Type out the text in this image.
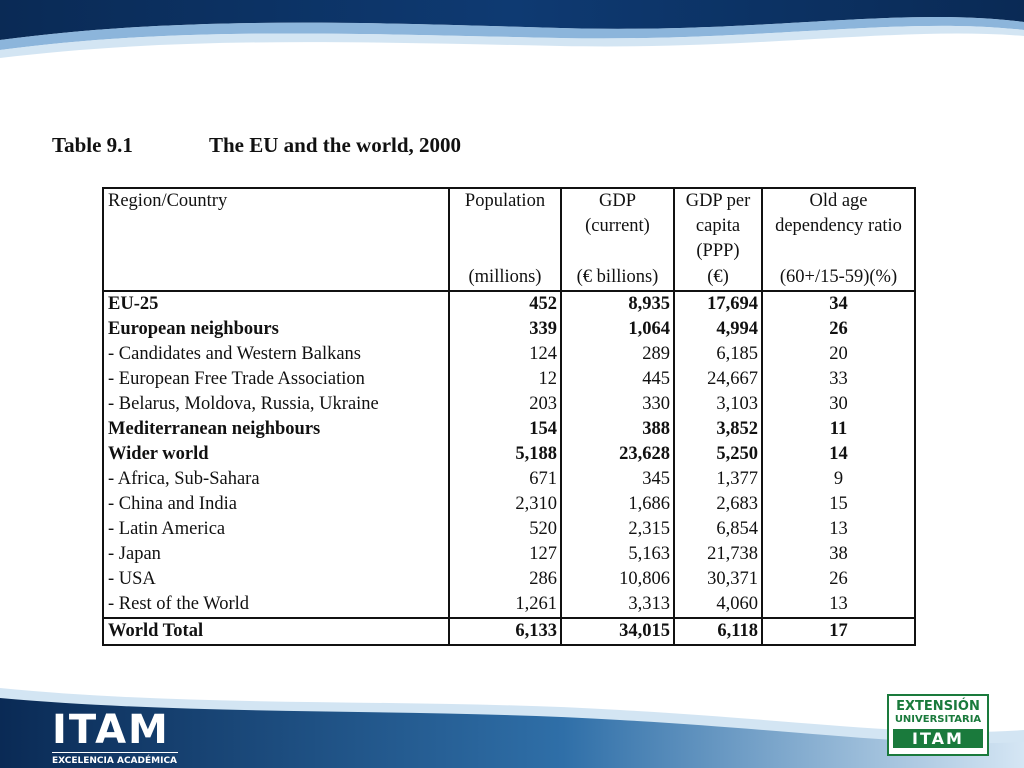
Table 9.1	The EU and the world, 2000
Region/Country	Population	GDP (current)	GDP per capita (PPP)	Old age dependency ratio
	(millions)	(€ billions)	(€)	(60+/15-59)(%)
EU-25	452	8,935	17,694	34
European neighbours	339	1,064	4,994	26
- Candidates and Western Balkans	124	289	6,185	20
- European Free Trade Association	12	445	24,667	33
- Belarus, Moldova, Russia, Ukraine	203	330	3,103	30
Mediterranean neighbours	154	388	3,852	11
Wider world	5,188	23,628	5,250	14
- Africa, Sub-Sahara	671	345	1,377	9
- China and India	2,310	1,686	2,683	15
- Latin America	520	2,315	6,854	13
- Japan	127	5,163	21,738	38
- USA	286	10,806	30,371	26
- Rest of the World	1,261	3,313	4,060	13
World Total	6,133	34,015	6,118	17
ITAM
EXCELENCIA ACADÉMICA
EXTENSIÓN
UNIVERSITARIA
ITAM
